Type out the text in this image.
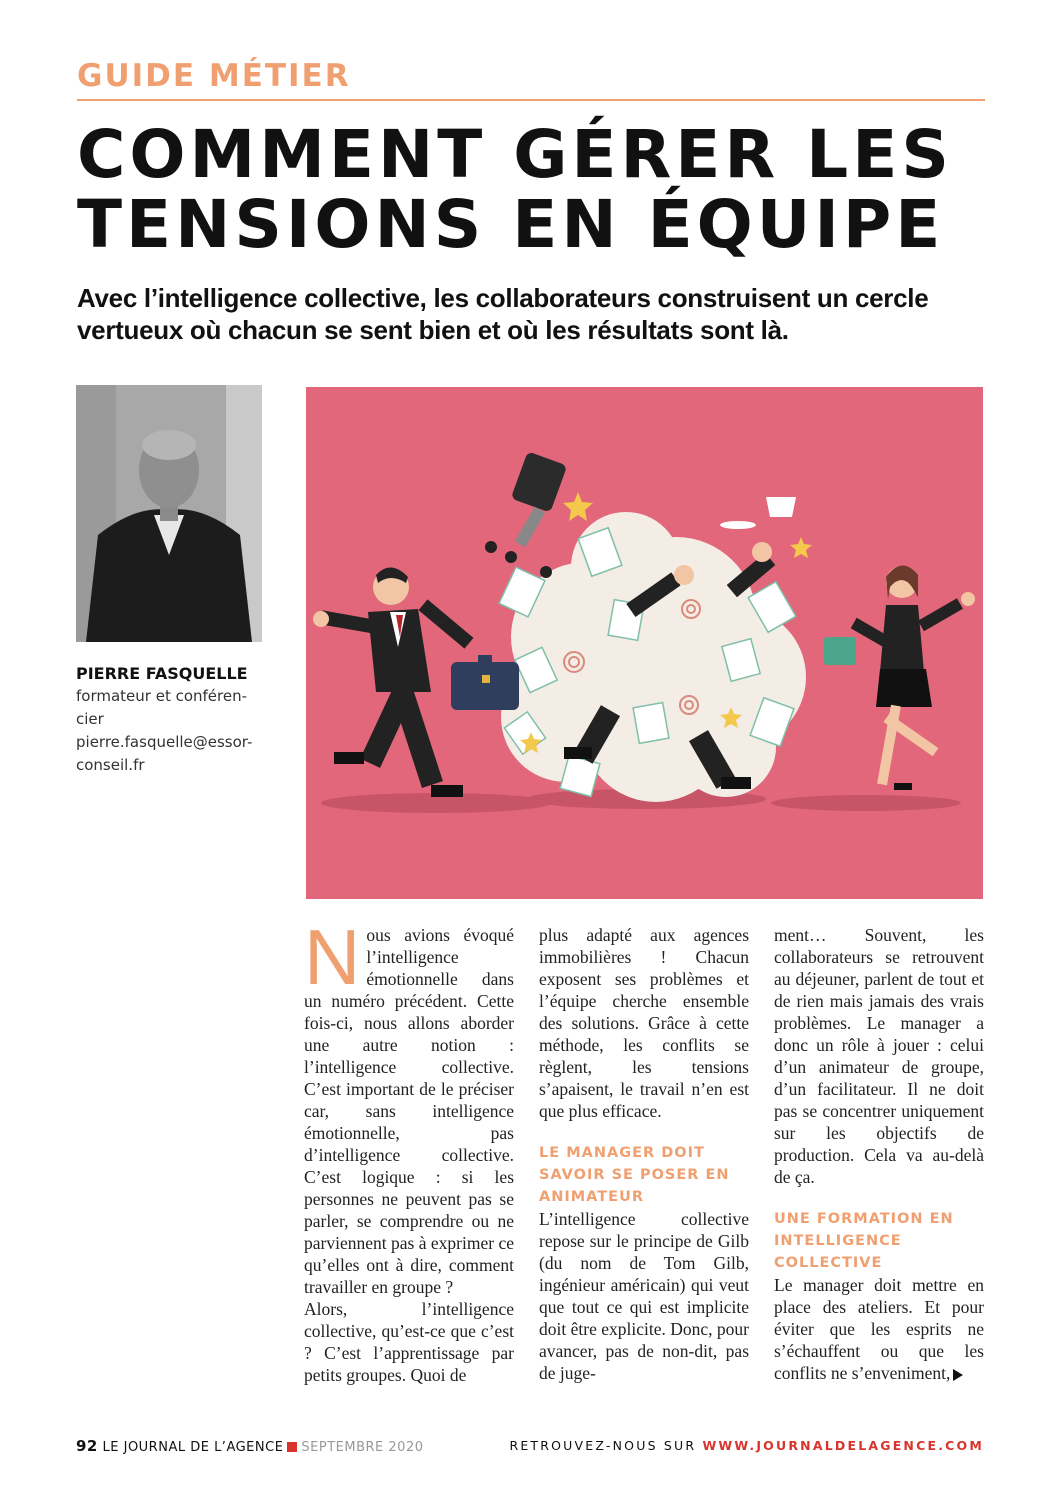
GUIDE MÉTIER
COMMENT GÉRER LES
TENSIONS EN ÉQUIPE

Avec l’intelligence collective, les collaborateurs construisent un cercle vertueux où chacun se sent bien et où les résultats sont là.

PIERRE FASQUELLE
formateur et conféren-
cier
pierre.fasquelle@essor-
conseil.fr

Nous avions évoqué l’intelligence émotionnelle dans un numéro précédent. Cette fois-ci, nous allons aborder une autre notion : l’intelligence collective. C’est important de le préciser car, sans intelligence émotionnelle, pas d’intelligence collective. C’est logique : si les personnes ne peuvent pas se parler, se comprendre ou ne parviennent pas à exprimer ce qu’elles ont à dire, comment travailler en groupe ?

Alors, l’intelligence collective, qu’est-ce que c’est ? C’est l’apprentissage par petits groupes. Quoi de

plus adapté aux agences immobilières ! Chacun exposent ses problèmes et l’équipe cherche ensemble des solutions. Grâce à cette méthode, les conflits se règlent, les tensions s’apaisent, le travail n’en est que plus efficace.

LE MANAGER DOIT SAVOIR SE POSER EN ANIMATEUR

L’intelligence collective repose sur le principe de Gilb (du nom de Tom Gilb, ingénieur américain) qui veut que tout ce qui est implicite doit être explicite. Donc, pour avancer, pas de non-dit, pas de juge-

ment… Souvent, les collaborateurs se retrouvent au déjeuner, parlent de tout et de rien mais jamais des vrais problèmes. Le manager a donc un rôle à jouer : celui d’un animateur de groupe, d’un facilitateur. Il ne doit pas se concentrer uniquement sur les objectifs de production. Cela va au-delà de ça.

UNE FORMATION EN INTELLIGENCE COLLECTIVE

Le manager doit mettre en place des ateliers. Et pour éviter que les esprits ne s’échauffent ou que les conflits ne s’enveniment,

92 LE JOURNAL DE L’AGENCE SEPTEMBRE 2020	RETROUVEZ-NOUS SUR WWW.JOURNALDELAGENCE.COM
